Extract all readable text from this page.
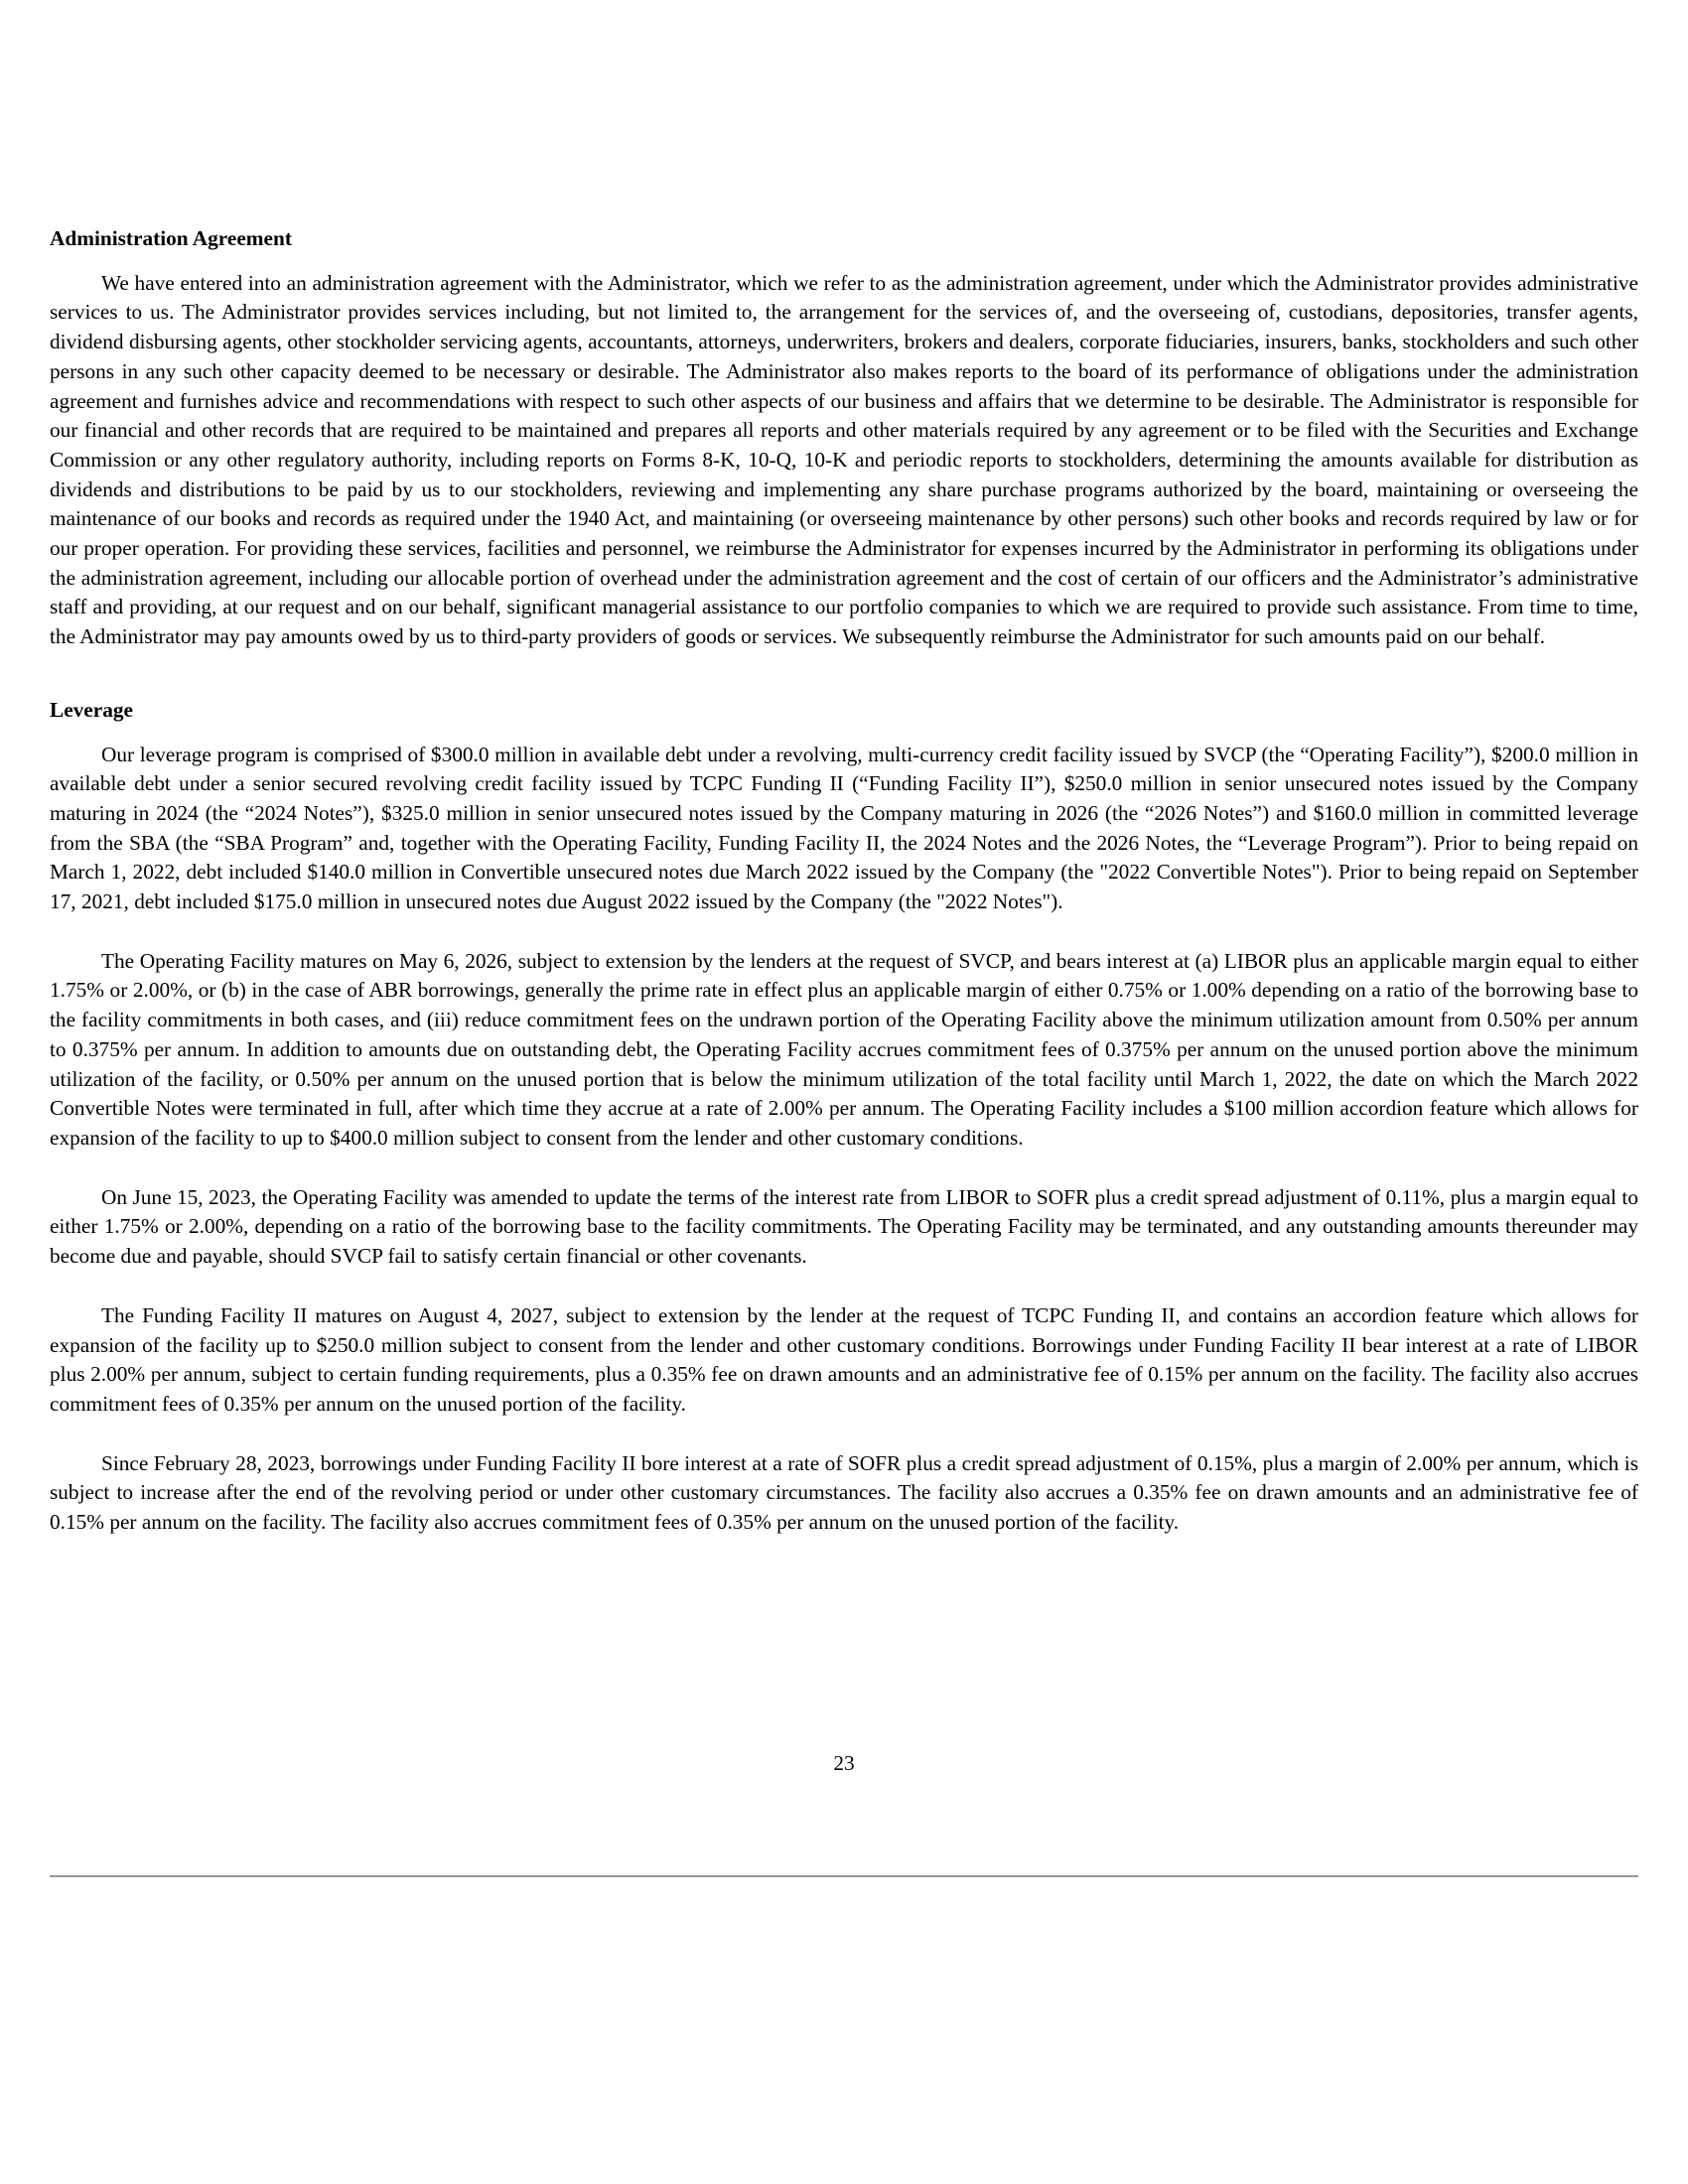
Administration Agreement

We have entered into an administration agreement with the Administrator, which we refer to as the administration agreement, under which the Administrator provides administrative services to us. The Administrator provides services including, but not limited to, the arrangement for the services of, and the overseeing of, custodians, depositories, transfer agents, dividend disbursing agents, other stockholder servicing agents, accountants, attorneys, underwriters, brokers and dealers, corporate fiduciaries, insurers, banks, stockholders and such other persons in any such other capacity deemed to be necessary or desirable. The Administrator also makes reports to the board of its performance of obligations under the administration agreement and furnishes advice and recommendations with respect to such other aspects of our business and affairs that we determine to be desirable. The Administrator is responsible for our financial and other records that are required to be maintained and prepares all reports and other materials required by any agreement or to be filed with the Securities and Exchange Commission or any other regulatory authority, including reports on Forms 8-K, 10-Q, 10-K and periodic reports to stockholders, determining the amounts available for distribution as dividends and distributions to be paid by us to our stockholders, reviewing and implementing any share purchase programs authorized by the board, maintaining or overseeing the maintenance of our books and records as required under the 1940 Act, and maintaining (or overseeing maintenance by other persons) such other books and records required by law or for our proper operation. For providing these services, facilities and personnel, we reimburse the Administrator for expenses incurred by the Administrator in performing its obligations under the administration agreement, including our allocable portion of overhead under the administration agreement and the cost of certain of our officers and the Administrator’s administrative staff and providing, at our request and on our behalf, significant managerial assistance to our portfolio companies to which we are required to provide such assistance. From time to time, the Administrator may pay amounts owed by us to third-party providers of goods or services. We subsequently reimburse the Administrator for such amounts paid on our behalf.

Leverage

Our leverage program is comprised of $300.0 million in available debt under a revolving, multi-currency credit facility issued by SVCP (the “Operating Facility”), $200.0 million in available debt under a senior secured revolving credit facility issued by TCPC Funding II (“Funding Facility II”), $250.0 million in senior unsecured notes issued by the Company maturing in 2024 (the “2024 Notes”), $325.0 million in senior unsecured notes issued by the Company maturing in 2026 (the “2026 Notes”) and $160.0 million in committed leverage from the SBA (the “SBA Program” and, together with the Operating Facility, Funding Facility II, the 2024 Notes and the 2026 Notes, the “Leverage Program”). Prior to being repaid on March 1, 2022, debt included $140.0 million in Convertible unsecured notes due March 2022 issued by the Company (the "2022 Convertible Notes"). Prior to being repaid on September 17, 2021, debt included $175.0 million in unsecured notes due August 2022 issued by the Company (the "2022 Notes").

The Operating Facility matures on May 6, 2026, subject to extension by the lenders at the request of SVCP, and bears interest at (a) LIBOR plus an applicable margin equal to either 1.75% or 2.00%, or (b) in the case of ABR borrowings, generally the prime rate in effect plus an applicable margin of either 0.75% or 1.00% depending on a ratio of the borrowing base to the facility commitments in both cases, and (iii) reduce commitment fees on the undrawn portion of the Operating Facility above the minimum utilization amount from 0.50% per annum to 0.375% per annum. In addition to amounts due on outstanding debt, the Operating Facility accrues commitment fees of 0.375% per annum on the unused portion above the minimum utilization of the facility, or 0.50% per annum on the unused portion that is below the minimum utilization of the total facility until March 1, 2022, the date on which the March 2022 Convertible Notes were terminated in full, after which time they accrue at a rate of 2.00% per annum. The Operating Facility includes a $100 million accordion feature which allows for expansion of the facility to up to $400.0 million subject to consent from the lender and other customary conditions.

On June 15, 2023, the Operating Facility was amended to update the terms of the interest rate from LIBOR to SOFR plus a credit spread adjustment of 0.11%, plus a margin equal to either 1.75% or 2.00%, depending on a ratio of the borrowing base to the facility commitments. The Operating Facility may be terminated, and any outstanding amounts thereunder may become due and payable, should SVCP fail to satisfy certain financial or other covenants.

The Funding Facility II matures on August 4, 2027, subject to extension by the lender at the request of TCPC Funding II, and contains an accordion feature which allows for expansion of the facility up to $250.0 million subject to consent from the lender and other customary conditions. Borrowings under Funding Facility II bear interest at a rate of LIBOR plus 2.00% per annum, subject to certain funding requirements, plus a 0.35% fee on drawn amounts and an administrative fee of 0.15% per annum on the facility. The facility also accrues commitment fees of 0.35% per annum on the unused portion of the facility.

Since February 28, 2023, borrowings under Funding Facility II bore interest at a rate of SOFR plus a credit spread adjustment of 0.15%, plus a margin of 2.00% per annum, which is subject to increase after the end of the revolving period or under other customary circumstances. The facility also accrues a 0.35% fee on drawn amounts and an administrative fee of 0.15% per annum on the facility. The facility also accrues commitment fees of 0.35% per annum on the unused portion of the facility.

23
